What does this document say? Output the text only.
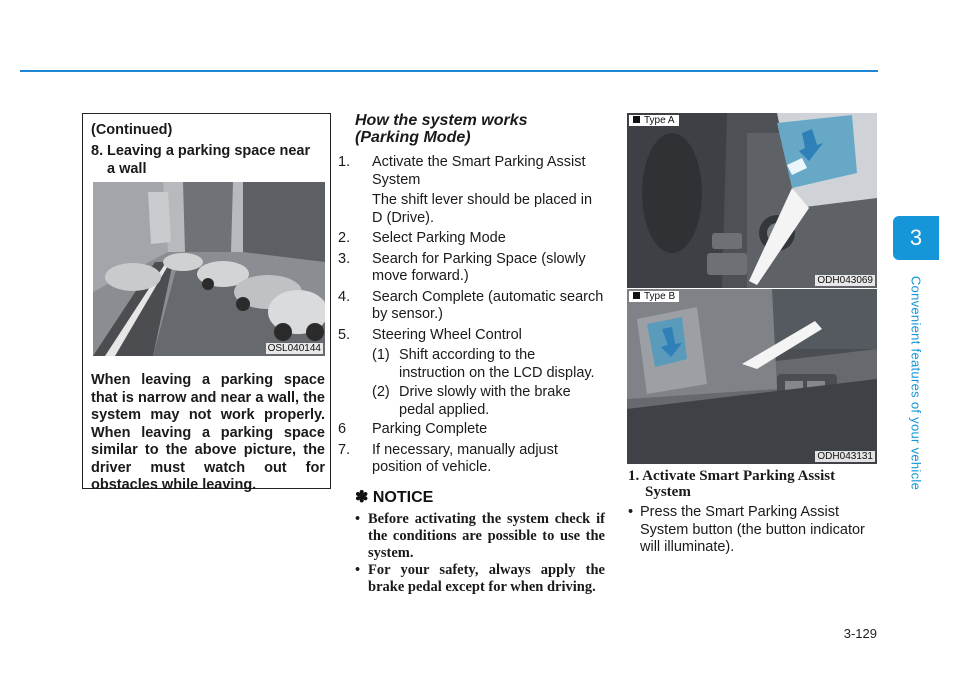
3
Convenient features of your vehicle
(Continued)
8. Leaving a parking space near
a wall
OSL040144
When leaving a parking space that is narrow and near a wall, the system may not work properly. When leaving a parking space similar to the above picture, the driver must watch out for obstacles while leaving.
How the system works
(Parking Mode)
1. Activate the Smart Parking Assist System
The shift lever should be placed in D (Drive).
2. Select Parking Mode
3. Search for Parking Space (slowly move forward.)
4. Search Complete (automatic search by sensor.)
5. Steering Wheel Control
(1) Shift according to the instruction on the LCD display.
(2) Drive slowly with the brake pedal applied.
6 Parking Complete
7. If necessary, manually adjust position of vehicle.
✽ NOTICE
• Before activating the system check if the conditions are possible to use the system.
• For your safety, always apply the brake pedal except for when driving.
Type A
ODH043069
Type B
ODH043131
1. Activate Smart Parking Assist
System
• Press the Smart Parking Assist System button (the button indicator will illuminate).
3-129
